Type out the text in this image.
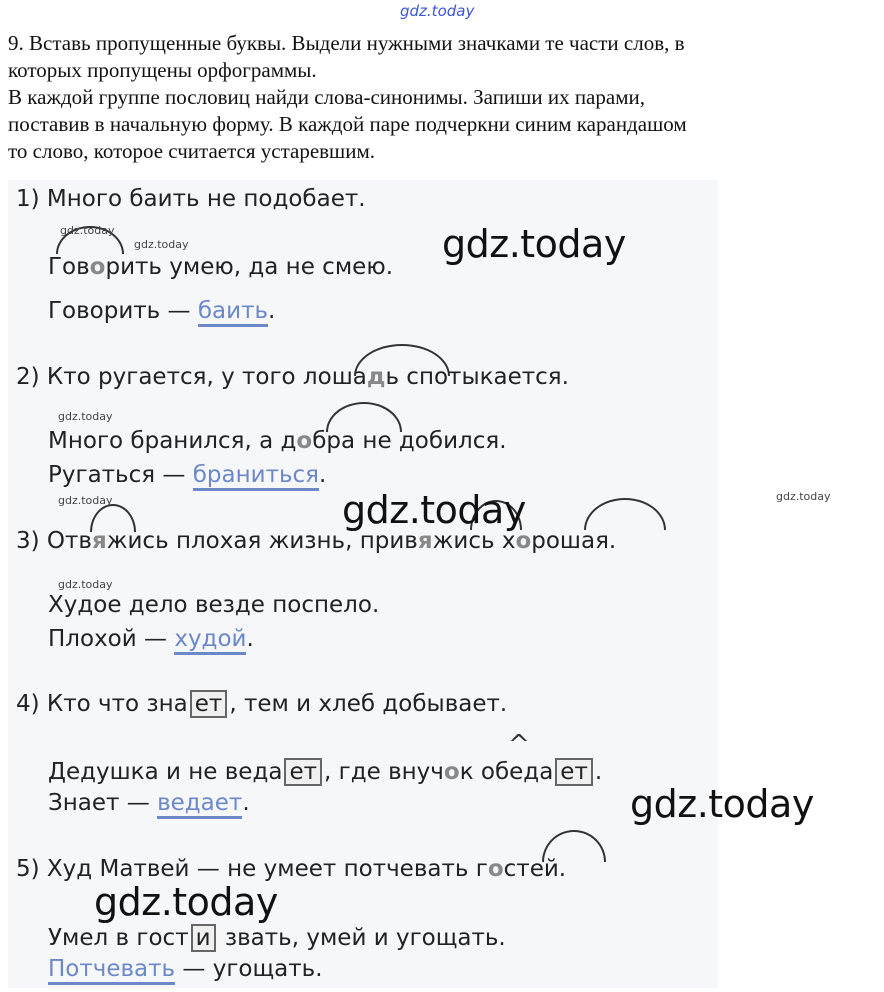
gdz.today

9. Вставь пропущенные буквы. Выдели нужными значками те части слов, в

которых пропущены орфограммы.

В каждой группе пословиц найди слова-синонимы. Запиши их парами,

поставив в начальную форму. В каждой паре подчеркни синим карандашом

то слово, которое считается устаревшим.

1) Много баить не подобает.
Говорить умею, да не смею.
Говорить — баить.
2) Кто ругается, у того лошадь спотыкается.
Много бранился, а добра не добился.
Ругаться — браниться.
3) Отвяжись плохая жизнь, привяжись хорошая.
Худое дело везде поспело.
Плохой — худой.
4) Кто что зна ет , тем и хлеб добывает.
^
Дедушка и не веда ет , где внучок обеда ет .
Знает — ведает.
5) Худ Матвей — не умеет потчевать гостей.
Умел в гост и звать, умей и угощать.
Потчевать — угощать.
gdz.today
gdz.today	gdz.today
gdz.today
gdz.today	gdz.today	gdz.today
gdz.today
gdz.today
gdz.today
